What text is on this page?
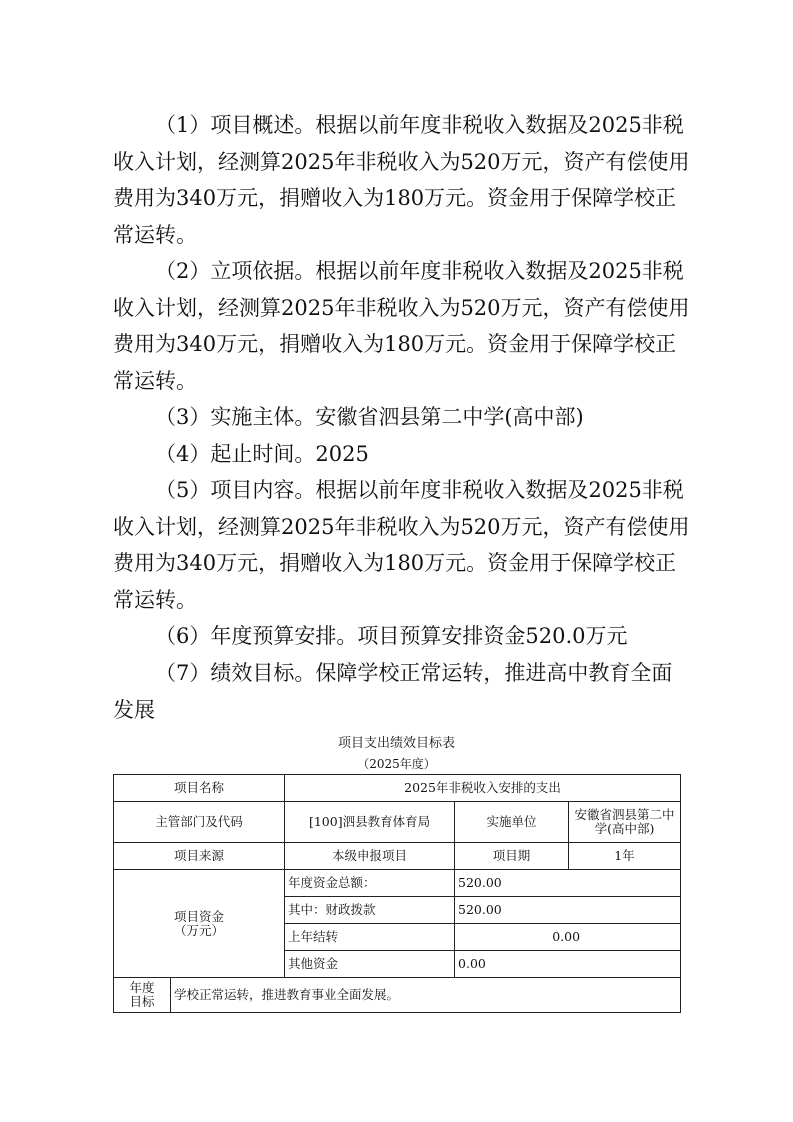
（1）项目概述。根据以前年度非税收入数据及2025非税
收入计划，经测算2025年非税收入为520万元，资产有偿使用
费用为340万元，捐赠收入为180万元。资金用于保障学校正
常运转。
（2）立项依据。根据以前年度非税收入数据及2025非税
收入计划，经测算2025年非税收入为520万元，资产有偿使用
费用为340万元，捐赠收入为180万元。资金用于保障学校正
常运转。
（3）实施主体。安徽省泗县第二中学(高中部)
（4）起止时间。2025
（5）项目内容。根据以前年度非税收入数据及2025非税
收入计划，经测算2025年非税收入为520万元，资产有偿使用
费用为340万元，捐赠收入为180万元。资金用于保障学校正
常运转。
（6）年度预算安排。项目预算安排资金520.0万元
（7）绩效目标。保障学校正常运转，推进高中教育全面
发展
项目支出绩效目标表
（2025年度）
项目名称		2025年非税收入安排的支出		
主管部门及代码		[100]泗县教育体育局	实施单位	安徽省泗县第二中学(高中部)
项目来源		本级申报项目	项目期	1年
项目资金
（万元）		年度资金总额：	520.00	
		其中：财政拨款	520.00	
		上年结转	0.00	
		其他资金	0.00	
年度
目标	学校正常运转，推进教育事业全面发展。			
